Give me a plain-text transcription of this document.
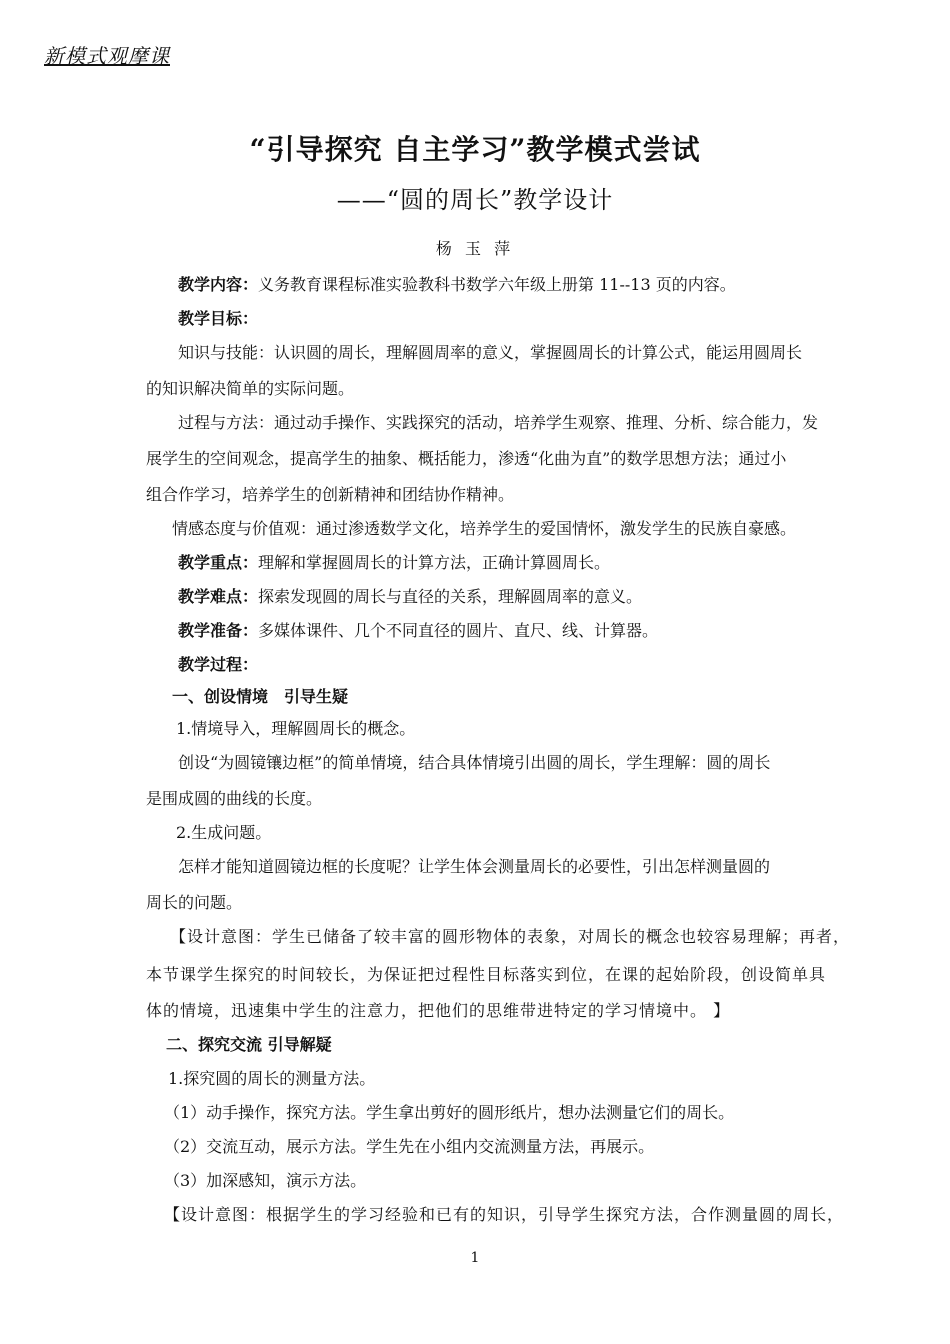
新模式观摩课
“引导探究 自主学习”教学模式尝试
——“圆的周长”教学设计
杨 玉 萍
教学内容：义务教育课程标准实验教科书数学六年级上册第 11--13 页的内容。
教学目标：
知识与技能：认识圆的周长，理解圆周率的意义，掌握圆周长的计算公式，能运用圆周长
的知识解决简单的实际问题。
过程与方法：通过动手操作、实践探究的活动，培养学生观察、推理、分析、综合能力，发
展学生的空间观念，提高学生的抽象、概括能力，渗透“化曲为直”的数学思想方法；通过小
组合作学习，培养学生的创新精神和团结协作精神。
情感态度与价值观：通过渗透数学文化，培养学生的爱国情怀，激发学生的民族自豪感。
教学重点：理解和掌握圆周长的计算方法，正确计算圆周长。
教学难点：探索发现圆的周长与直径的关系，理解圆周率的意义。
教学准备：多媒体课件、几个不同直径的圆片、直尺、线、计算器。
教学过程：
一、创设情境　引导生疑
1.情境导入，理解圆周长的概念。
创设“为圆镜镶边框”的简单情境，结合具体情境引出圆的周长，学生理解：圆的周长
是围成圆的曲线的长度。
2.生成问题。
怎样才能知道圆镜边框的长度呢？让学生体会测量周长的必要性，引出怎样测量圆的
周长的问题。
【设计意图：学生已储备了较丰富的圆形物体的表象，对周长的概念也较容易理解；再者，
本节课学生探究的时间较长，为保证把过程性目标落实到位，在课的起始阶段，创设简单具
体的情境，迅速集中学生的注意力，把他们的思维带进特定的学习情境中。 】
二、探究交流 引导解疑
1.探究圆的周长的测量方法。
（1）动手操作，探究方法。学生拿出剪好的圆形纸片，想办法测量它们的周长。
（2）交流互动，展示方法。学生先在小组内交流测量方法，再展示。
（3）加深感知，演示方法。
【设计意图：根据学生的学习经验和已有的知识，引导学生探究方法，合作测量圆的周长，
1
